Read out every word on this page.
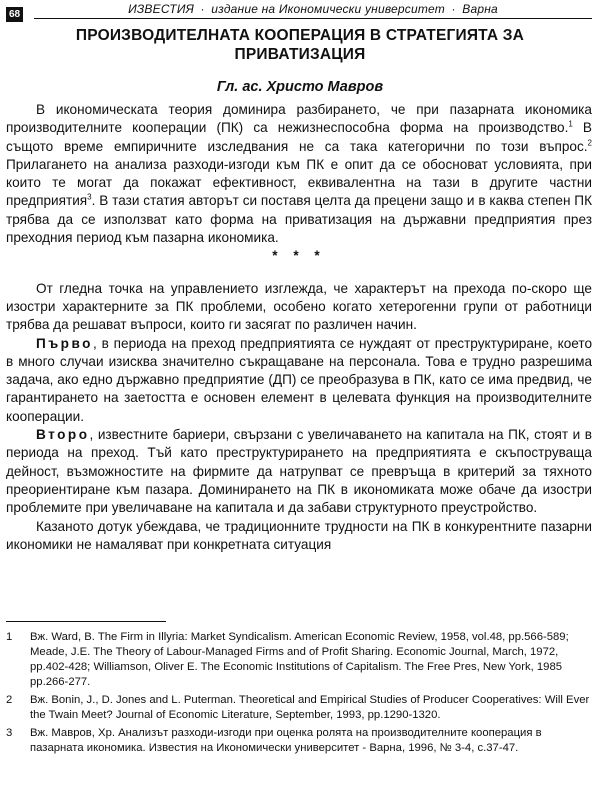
68	ИЗВЕСТИЯ · издание на Икономически университет · Варна
ПРОИЗВОДИТЕЛНАТА КООПЕРАЦИЯ В СТРАТЕГИЯТА ЗА ПРИВАТИЗАЦИЯ
Гл. ас. Христо Мавров

В икономическата теория доминира разбирането, че при пазарната икономика производителните кооперации (ПК) са нежизнеспособна форма на производство.$^1$ В същото време емпиричните изследвания не са така категорични по този въпрос.$^2$ Прилагането на анализа разходи-изгоди към ПК е опит да се обосноват условията, при които те могат да покажат ефективност, еквивалентна на тази в другите частни предприятия$^3$. В тази статия авторът си поставя целта да прецени защо и в каква степен ПК трябва да се използват като форма на приватизация на държавни предприятия през преходния период към пазарна икономика.

* * *

От гледна точка на управлението изглежда, че характерът на прехода по-скоро ще изостри характерните за ПК проблеми, особено когато хетерогенни групи от работници трябва да решават въпроси, които ги засягат по различен начин.

Първо, в периода на преход предприятията се нуждаят от преструктуриране, което в много случаи изисква значително съкращаване на персонала. Това е трудно разрешима задача, ако едно държавно предприятие (ДП) се преобразува в ПК, като се има предвид, че гарантирането на заетостта е основен елемент в целевата функция на производителните кооперации.

Второ, известните бариери, свързани с увеличаването на капитала на ПК, стоят и в периода на преход. Тъй като преструктурирането на предприятията е скъпоструваща дейност, възможностите на фирмите да натрупват се превръща в критерий за тяхното преориентиране към пазара. Доминирането на ПК в икономиката може обаче да изостри проблемите при увеличаване на капитала и да забави структурното преустройство.

Казаното дотук убеждава, че традиционните трудности на ПК в конкурентните пазарни икономики не намаляват при конкретната ситуация

1	Вж. Ward, B. The Firm in Illyria: Market Syndicalism. American Economic Review, 1958, vol.48, pp.566-589; Meade, J.E. The Theory of Labour-Managed Firms and of Profit Sharing. Economic Journal, March, 1972, pp.402-428; Williamson, Oliver E. The Economic Institutions of Capitalism. The Free Pres, New York, 1985 pp.266-277.
2	Вж. Bonin, J., D. Jones and L. Puterman. Theoretical and Empirical Studies of Producer Cooperatives: Will Ever the Twain Meet? Journal of Economic Literature, September, 1993, pp.1290-1320.
3	Вж. Мавров, Хр. Анализът разходи-изгоди при оценка ролята на производителните кооперация в пазарната икономика. Известия на Икономически университет - Варна, 1996, № 3-4, с.37-47.
